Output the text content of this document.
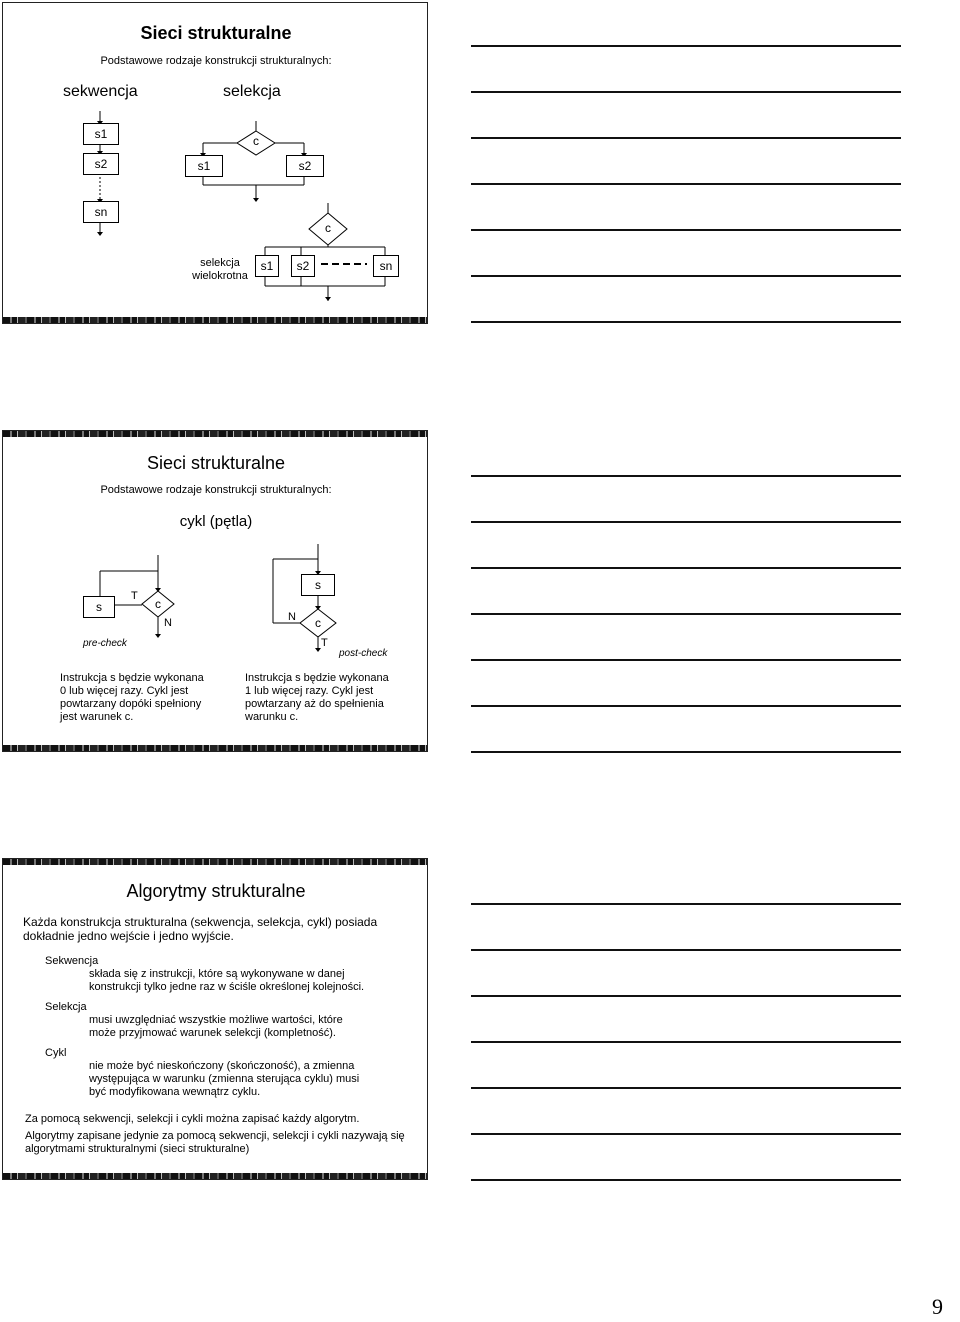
Sieci strukturalne
Podstawowe rodzaje konstrukcji strukturalnych:
sekwencja	selekcja
s1
s2
sn
c
s1	s2
c
selekcja
wielokrotna
s1	s2	sn
Sieci strukturalne
Podstawowe rodzaje konstrukcji strukturalnych:
cykl (pętla)
s	c
T
N
pre-check
s
c
N
T
post-check
Instrukcja s będzie wykonana
0 lub więcej razy. Cykl jest
powtarzany dopóki spełniony
jest warunek c.
Instrukcja s będzie wykonana
1 lub więcej razy. Cykl jest
powtarzany aż do spełnienia
warunku c.
Algorytmy strukturalne
Każda konstrukcja strukturalna (sekwencja, selekcja, cykl) posiada
dokładnie jedno wejście i jedno wyjście.
Sekwencja
składa się z instrukcji, które są wykonywane w danej
konstrukcji tylko jedne raz w ściśle określonej kolejności.
Selekcja
musi uwzględniać wszystkie możliwe wartości, które
może przyjmować warunek selekcji (kompletność).
Cykl
nie może być nieskończony (skończoność), a zmienna
występująca w warunku (zmienna sterująca cyklu) musi
być modyfikowana wewnątrz cyklu.
Za pomocą sekwencji, selekcji i cykli można zapisać każdy algorytm.
Algorytmy zapisane jedynie za pomocą sekwencji, selekcji i cykli nazywają się
algorytmami strukturalnymi (sieci strukturalne)
9
